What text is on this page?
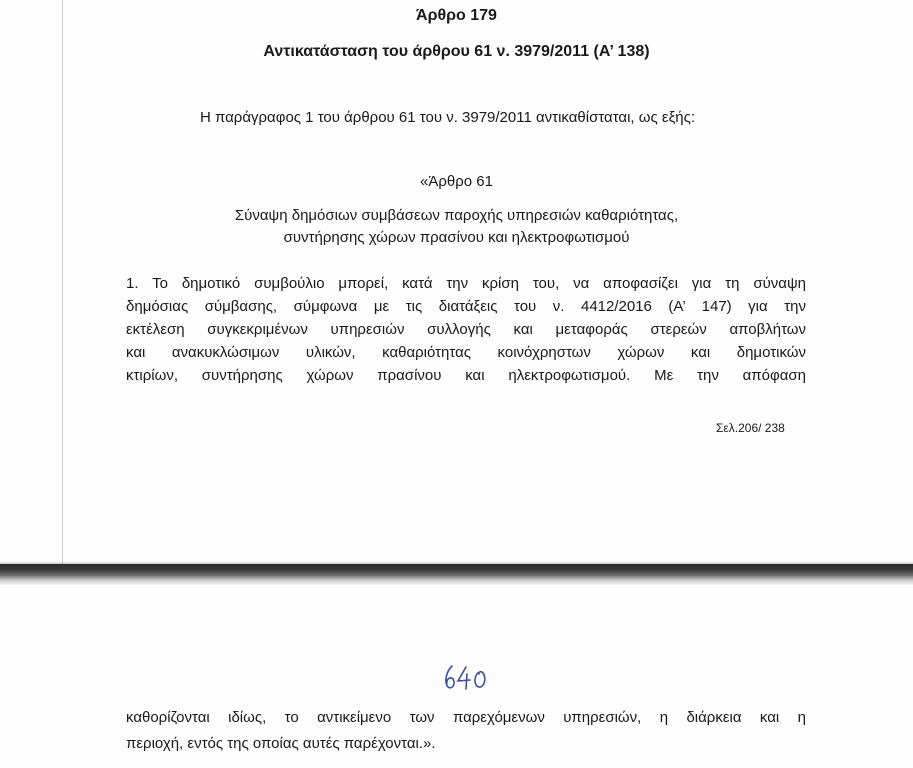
Άρθρο 179

Αντικατάσταση του άρθρου 61 ν. 3979/2011 (Α’ 138)

Η παράγραφος 1 του άρθρου 61 του ν. 3979/2011 αντικαθίσταται, ως εξής:

«Άρθρο 61

Σύναψη δημόσιων συμβάσεων παροχής υπηρεσιών καθαριότητας,

συντήρησης χώρων πρασίνου και ηλεκτροφωτισμού

1. Το δημοτικό συμβούλιο μπορεί, κατά την κρίση του, να αποφασίζει για τη σύναψη

δημόσιας σύμβασης, σύμφωνα με τις διατάξεις του ν. 4412/2016 (Α’ 147) για την

εκτέλεση συγκεκριμένων υπηρεσιών συλλογής και μεταφοράς στερεών αποβλήτων

και ανακυκλώσιμων υλικών, καθαριότητας κοινόχρηστων χώρων και δημοτικών

κτιρίων, συντήρησης χώρων πρασίνου και ηλεκτροφωτισμού. Με την απόφαση

Σελ.206/ 238

καθορίζονται ιδίως, το αντικείμενο των παρεχόμενων υπηρεσιών, η διάρκεια και η

περιοχή, εντός της οποίας αυτές παρέχονται.».
